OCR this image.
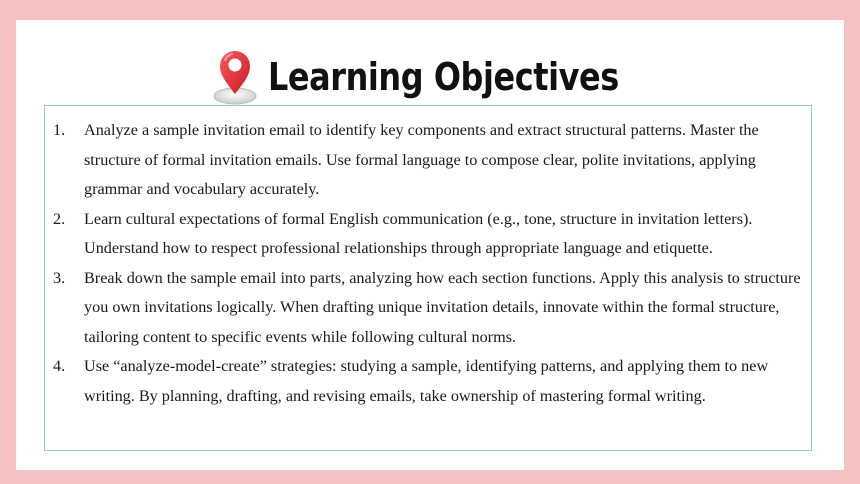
Learning Objectives
1. Analyze a sample invitation email to identify key components and extract structural patterns. Master the structure of formal invitation emails. Use formal language to compose clear, polite invitations, applying grammar and vocabulary accurately.
2. Learn cultural expectations of formal English communication (e.g., tone, structure in invitation letters). Understand how to respect professional relationships through appropriate language and etiquette.
3. Break down the sample email into parts, analyzing how each section functions. Apply this analysis to structure you own invitations logically. When drafting unique invitation details, innovate within the formal structure, tailoring content to specific events while following cultural norms.
4. Use “analyze-model-create” strategies: studying a sample, identifying patterns, and applying them to new writing. By planning, drafting, and revising emails, take ownership of mastering formal writing.
